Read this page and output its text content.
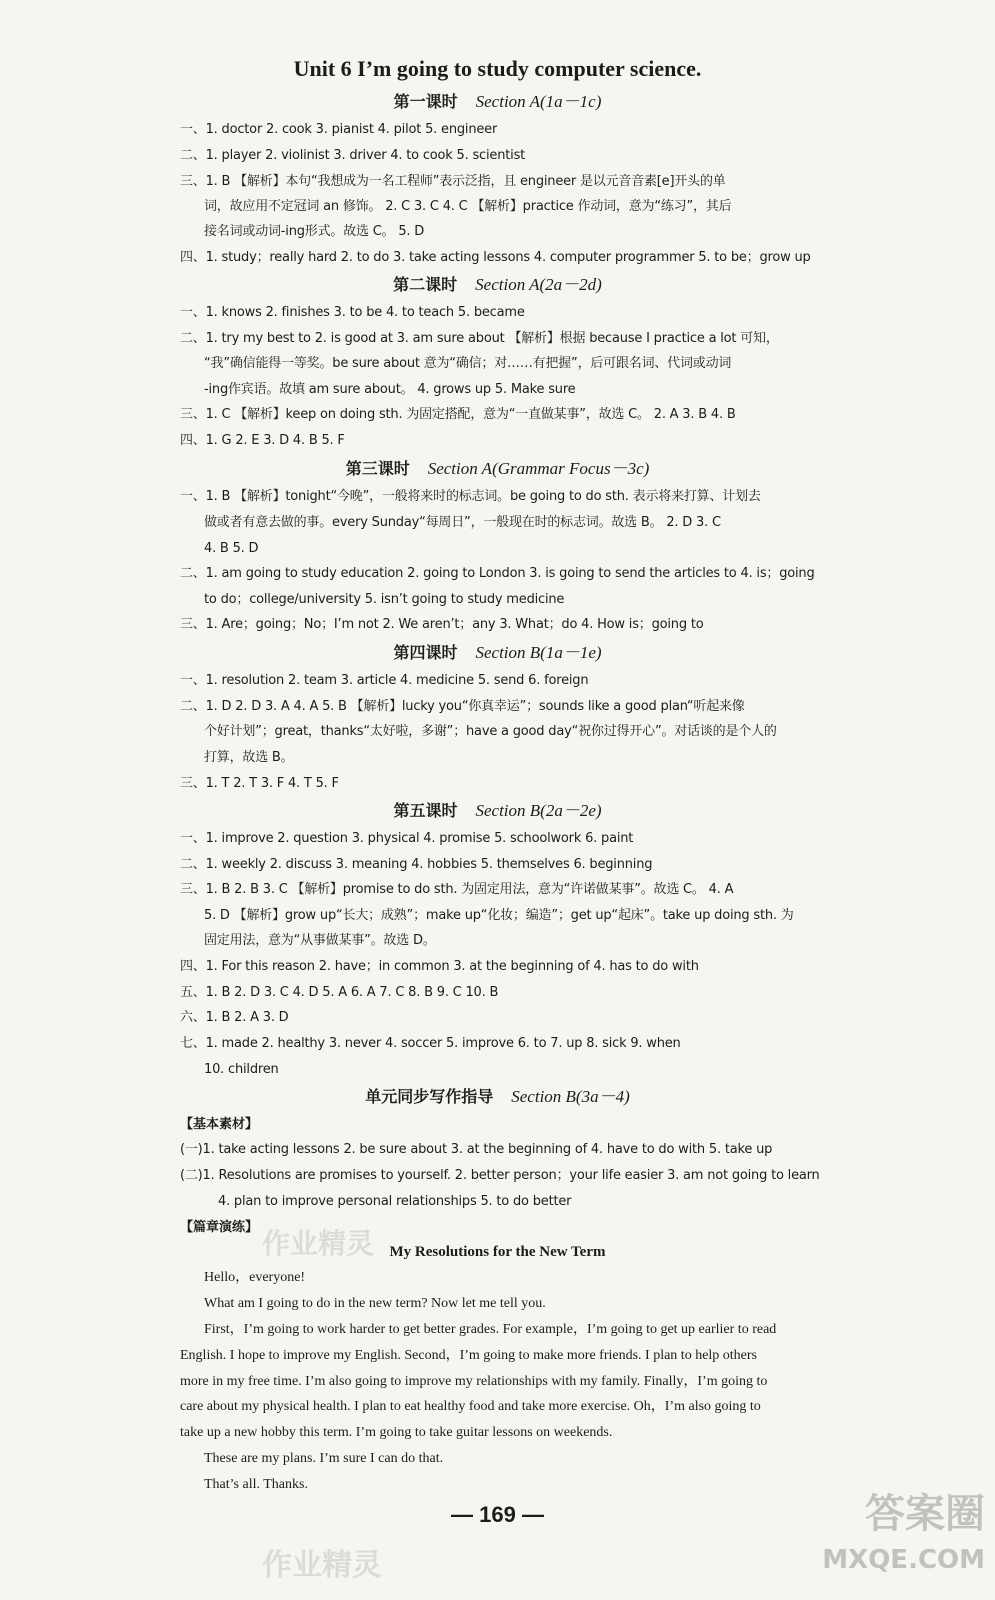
Unit 6 I’m going to study computer science.
第一课时 Section A(1a－1c)
一、1. doctor 2. cook 3. pianist 4. pilot 5. engineer
二、1. player 2. violinist 3. driver 4. to cook 5. scientist
三、1. B 【解析】本句“我想成为一名工程师”表示泛指，且 engineer 是以元音音素[e]开头的单
词，故应用不定冠词 an 修饰。 2. C 3. C 4. C 【解析】practice 作动词，意为“练习”，其后
接名词或动词-ing形式。故选 C。 5. D
四、1. study；really hard 2. to do 3. take acting lessons 4. computer programmer 5. to be；grow up
第二课时 Section A(2a－2d)
一、1. knows 2. finishes 3. to be 4. to teach 5. became
二、1. try my best to 2. is good at 3. am sure about 【解析】根据 because I practice a lot 可知，
“我”确信能得一等奖。be sure about 意为“确信；对……有把握”，后可跟名词、代词或动词
-ing作宾语。故填 am sure about。 4. grows up 5. Make sure
三、1. C 【解析】keep on doing sth. 为固定搭配，意为“一直做某事”，故选 C。 2. A 3. B 4. B
四、1. G 2. E 3. D 4. B 5. F
第三课时 Section A(Grammar Focus－3c)
一、1. B 【解析】tonight“今晚”，一般将来时的标志词。be going to do sth. 表示将来打算、计划去
做或者有意去做的事。every Sunday“每周日”，一般现在时的标志词。故选 B。 2. D 3. C
4. B 5. D
二、1. am going to study education 2. going to London 3. is going to send the articles to 4. is；going
to do；college/university 5. isn’t going to study medicine
三、1. Are；going；No；I’m not 2. We aren’t；any 3. What；do 4. How is；going to
第四课时 Section B(1a－1e)
一、1. resolution 2. team 3. article 4. medicine 5. send 6. foreign
二、1. D 2. D 3. A 4. A 5. B 【解析】lucky you“你真幸运”；sounds like a good plan“听起来像
个好计划”；great，thanks“太好啦，多谢”；have a good day“祝你过得开心”。对话谈的是个人的
打算，故选 B。
三、1. T 2. T 3. F 4. T 5. F
第五课时 Section B(2a－2e)
一、1. improve 2. question 3. physical 4. promise 5. schoolwork 6. paint
二、1. weekly 2. discuss 3. meaning 4. hobbies 5. themselves 6. beginning
三、1. B 2. B 3. C 【解析】promise to do sth. 为固定用法，意为“许诺做某事”。故选 C。 4. A
5. D 【解析】grow up“长大；成熟”；make up“化妆；编造”；get up“起床”。take up doing sth. 为
固定用法，意为“从事做某事”。故选 D。
四、1. For this reason 2. have；in common 3. at the beginning of 4. has to do with
五、1. B 2. D 3. C 4. D 5. A 6. A 7. C 8. B 9. C 10. B
六、1. B 2. A 3. D
七、1. made 2. healthy 3. never 4. soccer 5. improve 6. to 7. up 8. sick 9. when
10. children
单元同步写作指导 Section B(3a－4)
【基本素材】
(一)1. take acting lessons 2. be sure about 3. at the beginning of 4. have to do with 5. take up
(二)1. Resolutions are promises to yourself. 2. better person；your life easier 3. am not going to learn
4. plan to improve personal relationships 5. to do better
【篇章演练】
My Resolutions for the New Term
Hello，everyone!
What am I going to do in the new term? Now let me tell you.
First，I’m going to work harder to get better grades. For example，I’m going to get up earlier to read
English. I hope to improve my English. Second，I’m going to make more friends. I plan to help others
more in my free time. I’m also going to improve my relationships with my family. Finally，I’m going to
care about my physical health. I plan to eat healthy food and take more exercise. Oh，I’m also going to
take up a new hobby this term. I’m going to take guitar lessons on weekends.
These are my plans. I’m sure I can do that.
That’s all. Thanks.
— 169 —
作业精灵
作业精灵
答案圈
MXQE.COM
